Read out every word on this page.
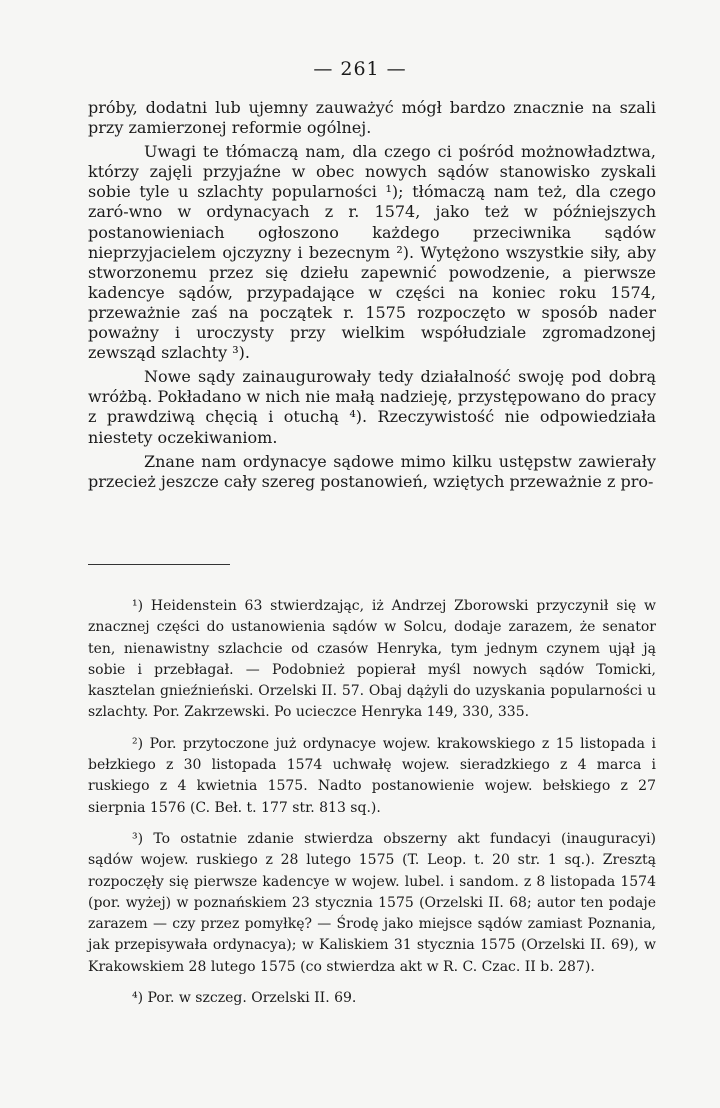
— 261 —

próby, dodatni lub ujemny zauważyć mógł bardzo znacznie na szali przy zamierzonej reformie ogólnej.

Uwagi te tłómaczą nam, dla czego ci pośród możnowładztwa, którzy zajęli przyjaźne w obec nowych sądów stanowisko zyskali sobie tyle u szlachty popularności ¹); tłómaczą nam też, dla czego zaró-wno w ordynacyach z r. 1574, jako też w późniejszych postanowieniach ogłoszono każdego przeciwnika sądów nieprzyjacielem ojczyzny i bezecnym ²). Wytężono wszystkie siły, aby stworzonemu przez się dziełu zapewnić powodzenie, a pierwsze kadencye sądów, przypadające w części na koniec roku 1574, przeważnie zaś na początek r. 1575 rozpoczęto w sposób nader poważny i uroczysty przy wielkim współudziale zgromadzonej zewsząd szlachty ³).

Nowe sądy zainaugurowały tedy działalność swoję pod dobrą wróżbą. Pokładano w nich nie małą nadzieję, przystępowano do pracy z prawdziwą chęcią i otuchą ⁴). Rzeczywistość nie odpowiedziała niestety oczekiwaniom.

Znane nam ordynacye sądowe mimo kilku ustępstw zawierały przecież jeszcze cały szereg postanowień, wziętych przeważnie z pro-

¹) Heidenstein 63 stwierdzając, iż Andrzej Zborowski przyczynił się w znacznej części do ustanowienia sądów w Solcu, dodaje zarazem, że senator ten, nienawistny szlachcie od czasów Henryka, tym jednym czynem ujął ją sobie i przebłagał. — Podobnież popierał myśl nowych sądów Tomicki, kasztelan gnieźnieński. Orzelski II. 57. Obaj dążyli do uzyskania popularności u szlachty. Por. Zakrzewski. Po ucieczce Henryka 149, 330, 335.

²) Por. przytoczone już ordynacye wojew. krakowskiego z 15 listopada i bełzkiego z 30 listopada 1574 uchwałę wojew. sieradzkiego z 4 marca i ruskiego z 4 kwietnia 1575. Nadto postanowienie wojew. bełskiego z 27 sierpnia 1576 (C. Beł. t. 177 str. 813 sq.).

³) To ostatnie zdanie stwierdza obszerny akt fundacyi (inauguracyi) sądów wojew. ruskiego z 28 lutego 1575 (T. Leop. t. 20 str. 1 sq.). Zresztą rozpoczęły się pierwsze kadencye w wojew. lubel. i sandom. z 8 listopada 1574 (por. wyżej) w poznańskiem 23 stycznia 1575 (Orzelski II. 68; autor ten podaje zarazem — czy przez pomyłkę? — Środę jako miejsce sądów zamiast Poznania, jak przepisywała ordynacya); w Kaliskiem 31 stycznia 1575 (Orzelski II. 69), w Krakowskiem 28 lutego 1575 (co stwierdza akt w R. C. Czac. II b. 287).

⁴) Por. w szczeg. Orzelski II. 69.
